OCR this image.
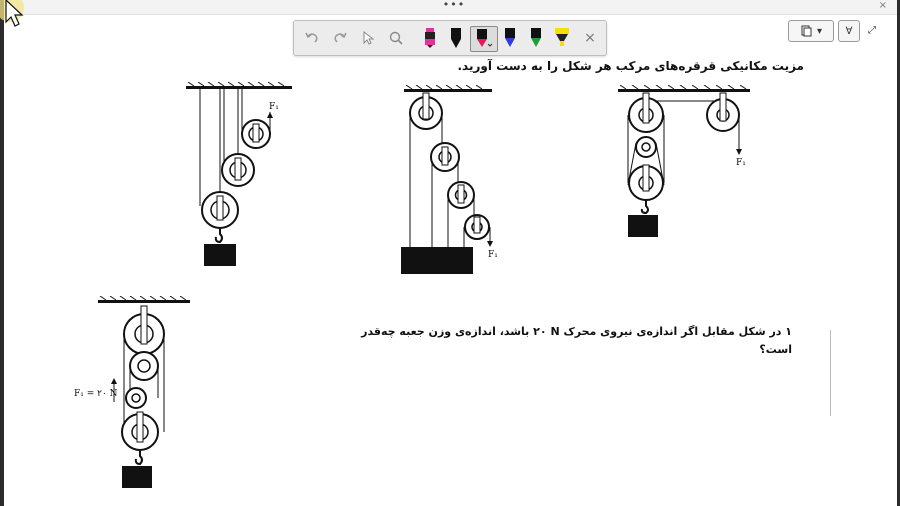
•••	×
×	▾	∀	⤢
مزیت مکانیکی قرقره‌های مرکب هر شکل را به دست آورید.
F₁
F₁
F₁
F₁ = ٢٠ N
١ در شکل مقابل اگر اندازه‌ی نیروی محرک N ٢٠ باشد، اندازه‌ی وزن جعبه چه‌قدر است؟
